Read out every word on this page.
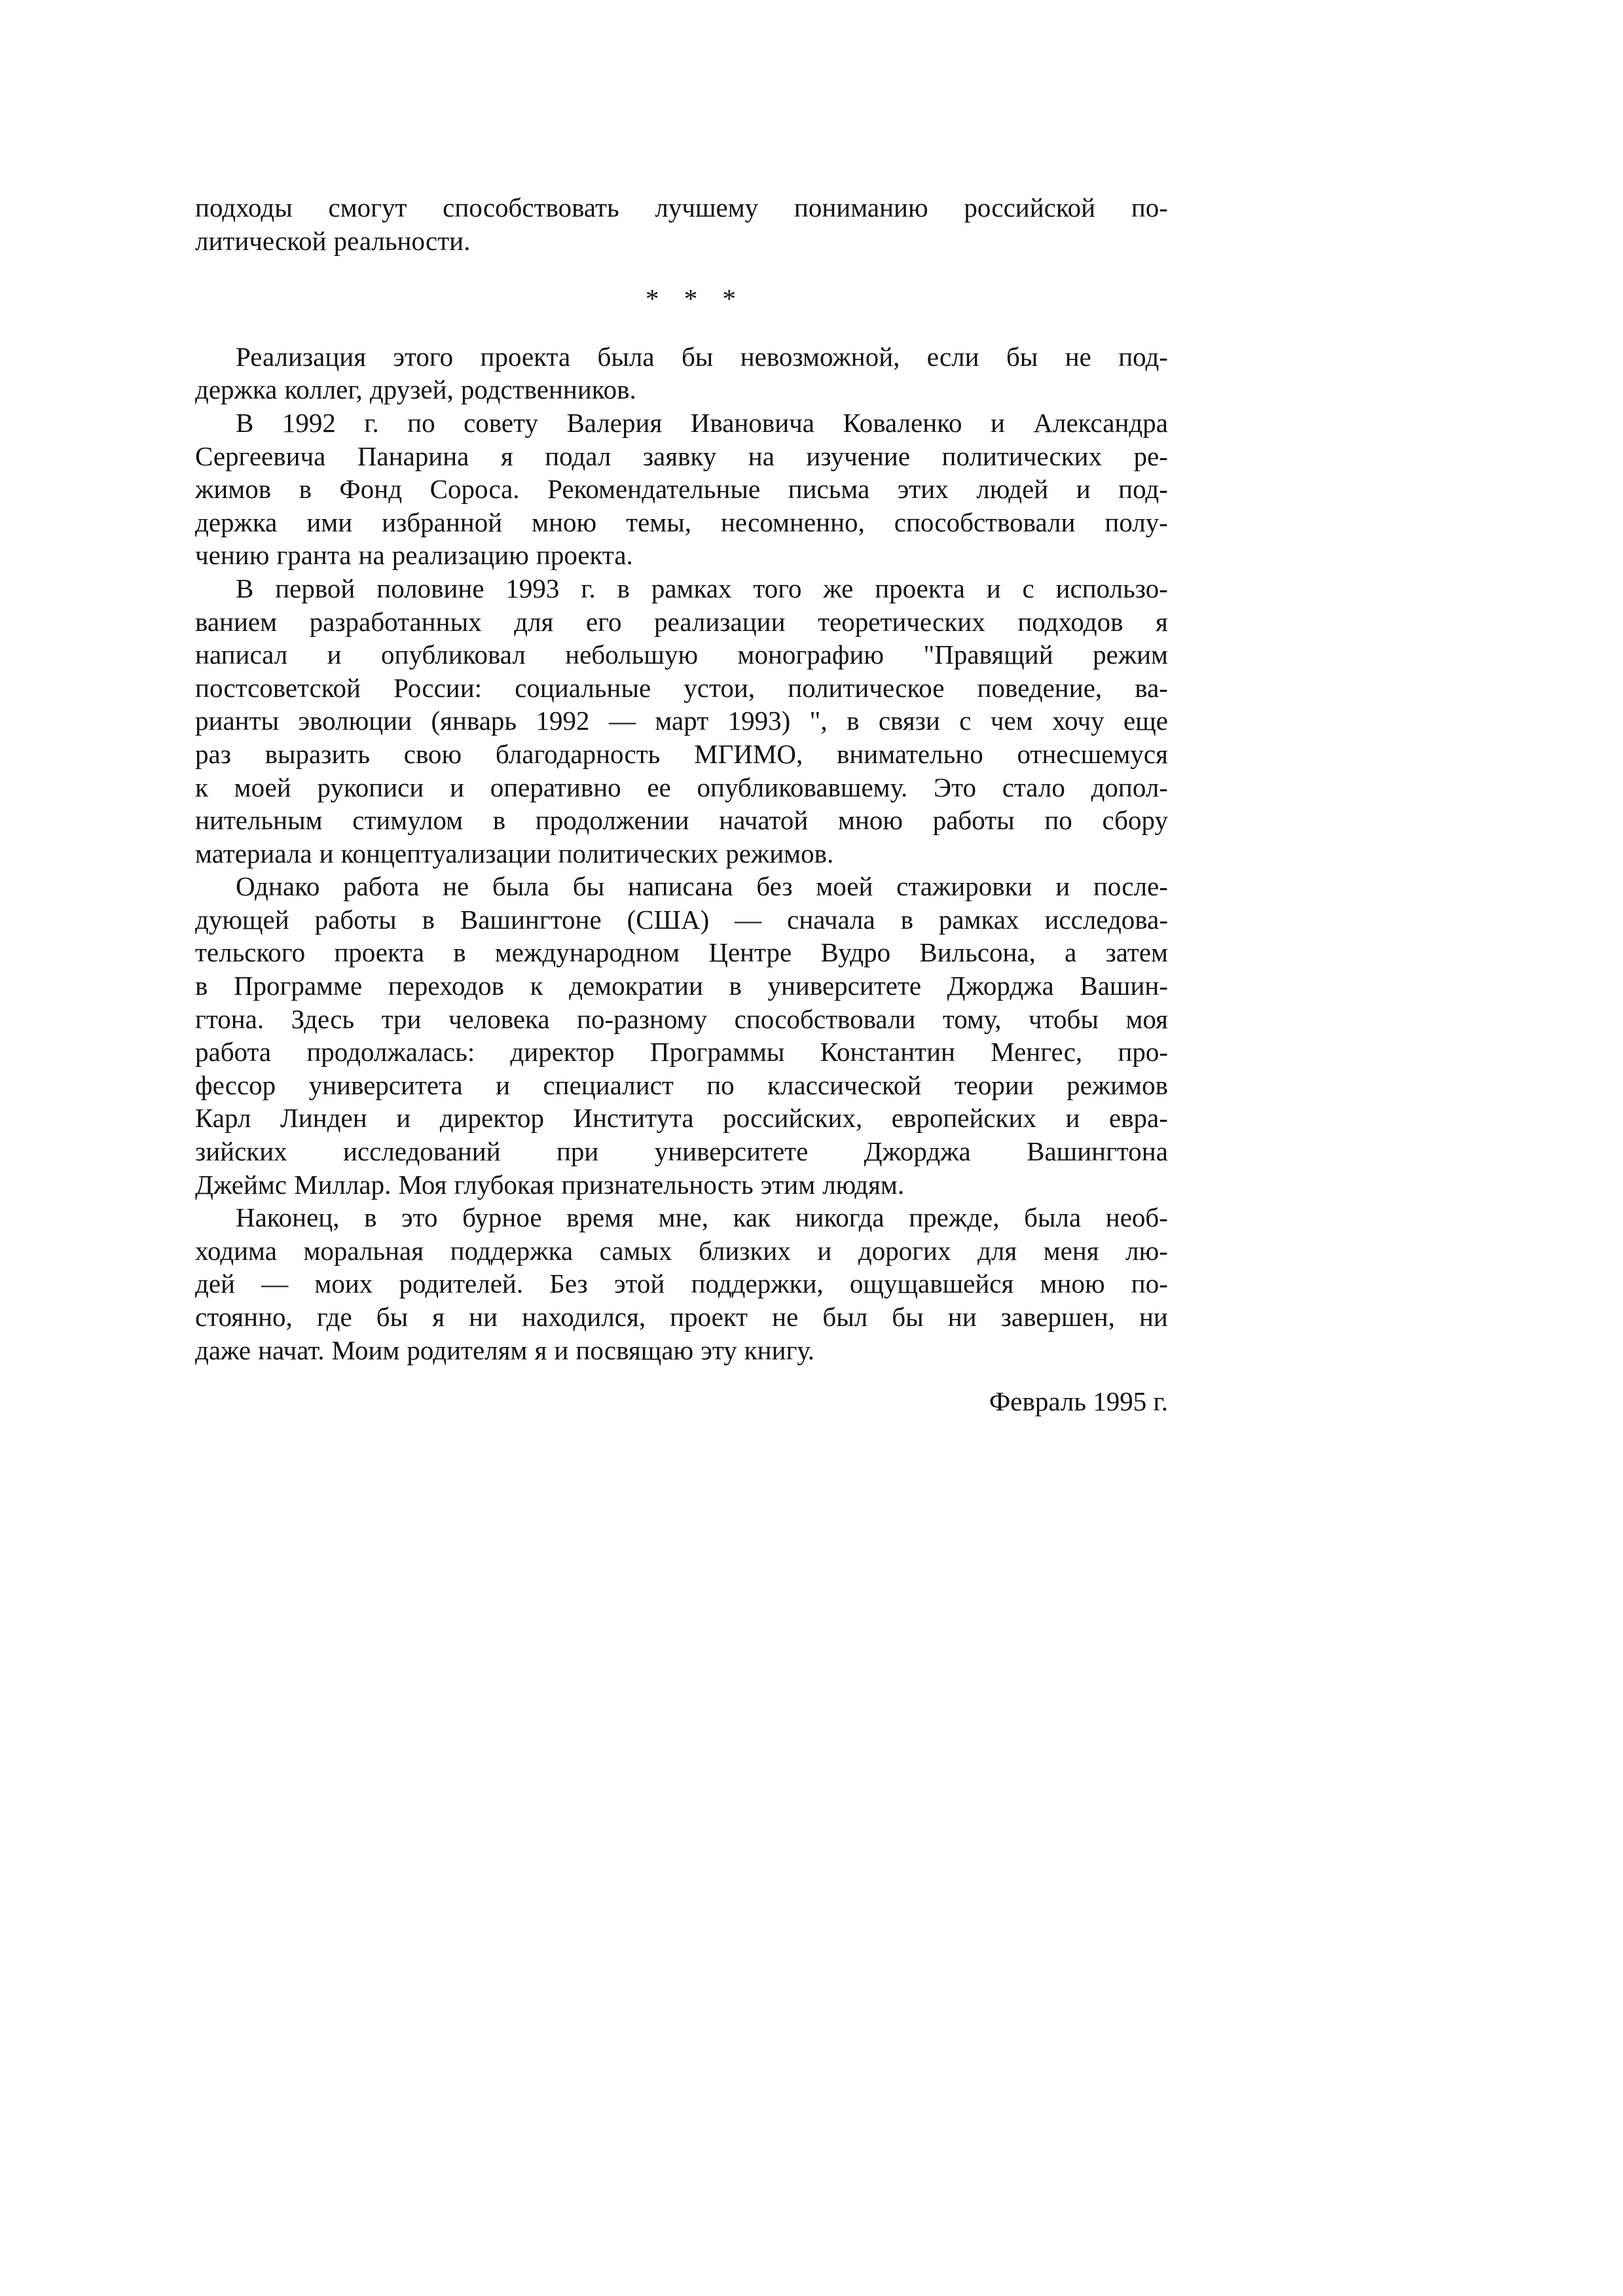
подходы смогут способствовать лучшему пониманию российской по-
литической реальности.
* * *
Реализация этого проекта была бы невозможной, если бы не под-
держка коллег, друзей, родственников.
В 1992 г. по совету Валерия Ивановича Коваленко и Александра
Сергеевича Панарина я подал заявку на изучение политических ре-
жимов в Фонд Сороса. Рекомендательные письма этих людей и под-
держка ими избранной мною темы, несомненно, способствовали полу-
чению гранта на реализацию проекта.
В первой половине 1993 г. в рамках того же проекта и с использо-
ванием разработанных для его реализации теоретических подходов я
написал и опубликовал небольшую монографию "Правящий режим
постсоветской России: социальные устои, политическое поведение, ва-
рианты эволюции (январь 1992 — март 1993) ", в связи с чем хочу еще
раз выразить свою благодарность МГИМО, внимательно отнесшемуся
к моей рукописи и оперативно ее опубликовавшему. Это стало допол-
нительным стимулом в продолжении начатой мною работы по сбору
материала и концептуализации политических режимов.
Однако работа не была бы написана без моей стажировки и после-
дующей работы в Вашингтоне (США) — сначала в рамках исследова-
тельского проекта в международном Центре Вудро Вильсона, а затем
в Программе переходов к демократии в университете Джорджа Вашин-
гтона. Здесь три человека по-разному способствовали тому, чтобы моя
работа продолжалась: директор Программы Константин Менгес, про-
фессор университета и специалист по классической теории режимов
Карл Линден и директор Института российских, европейских и евра-
зийских исследований при университете Джорджа Вашингтона
Джеймс Миллар. Моя глубокая признательность этим людям.
Наконец, в это бурное время мне, как никогда прежде, была необ-
ходима моральная поддержка самых близких и дорогих для меня лю-
дей — моих родителей. Без этой поддержки, ощущавшейся мною по-
стоянно, где бы я ни находился, проект не был бы ни завершен, ни
даже начат. Моим родителям я и посвящаю эту книгу.
Февраль 1995 г.
